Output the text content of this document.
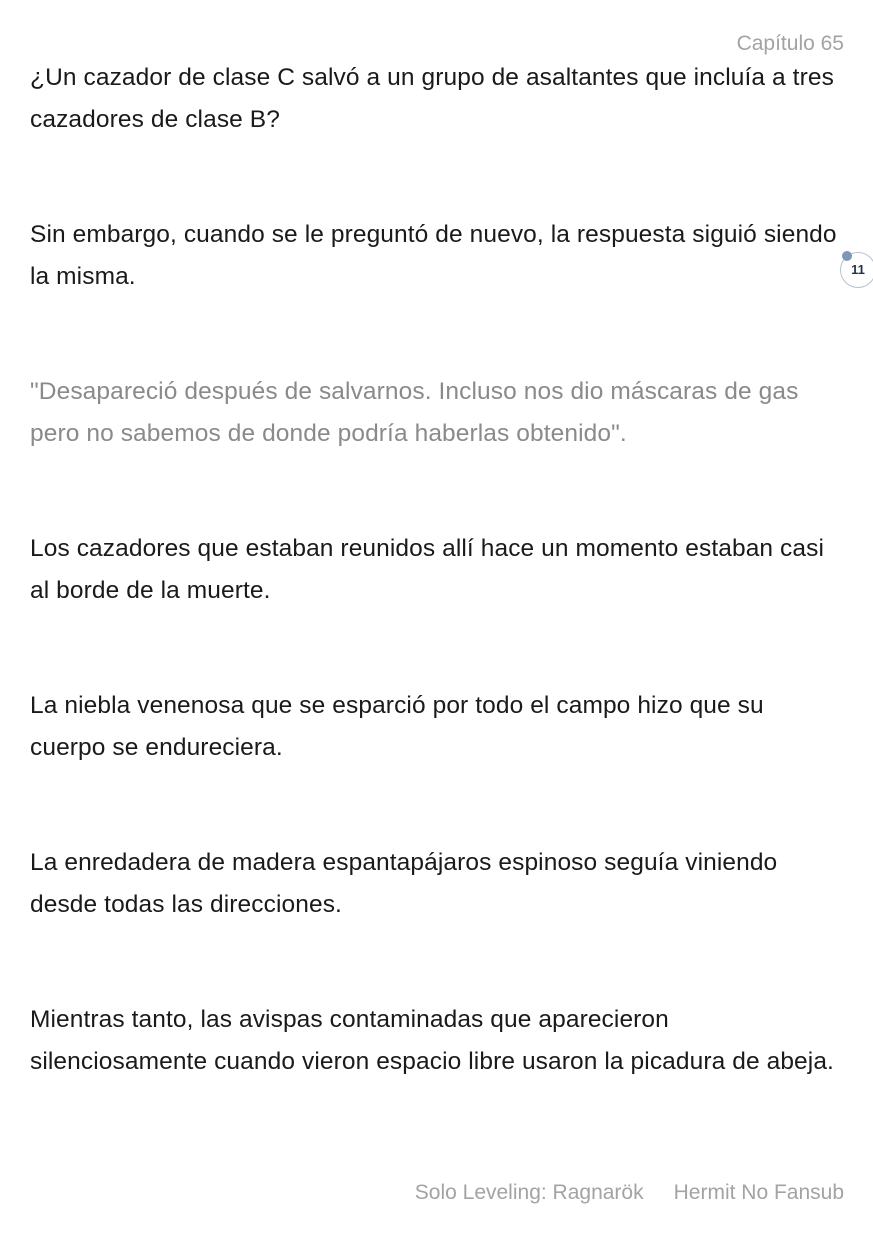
Capítulo 65

¿Un cazador de clase C salvó a un grupo de asaltantes que incluía a tres cazadores de clase B?

Sin embargo, cuando se le preguntó de nuevo, la respuesta siguió siendo la misma.

"Desapareció después de salvarnos. Incluso nos dio máscaras de gas pero no sabemos de donde podría haberlas obtenido".

Los cazadores que estaban reunidos allí hace un momento estaban casi al borde de la muerte.

La niebla venenosa que se esparció por todo el campo hizo que su cuerpo se endureciera.

La enredadera de madera espantapájaros espinoso seguía viniendo desde todas las direcciones.

Mientras tanto, las avispas contaminadas que aparecieron silenciosamente cuando vieron espacio libre usaron la picadura de abeja.

11
Solo Leveling: Ragnarök Hermit No Fansub
